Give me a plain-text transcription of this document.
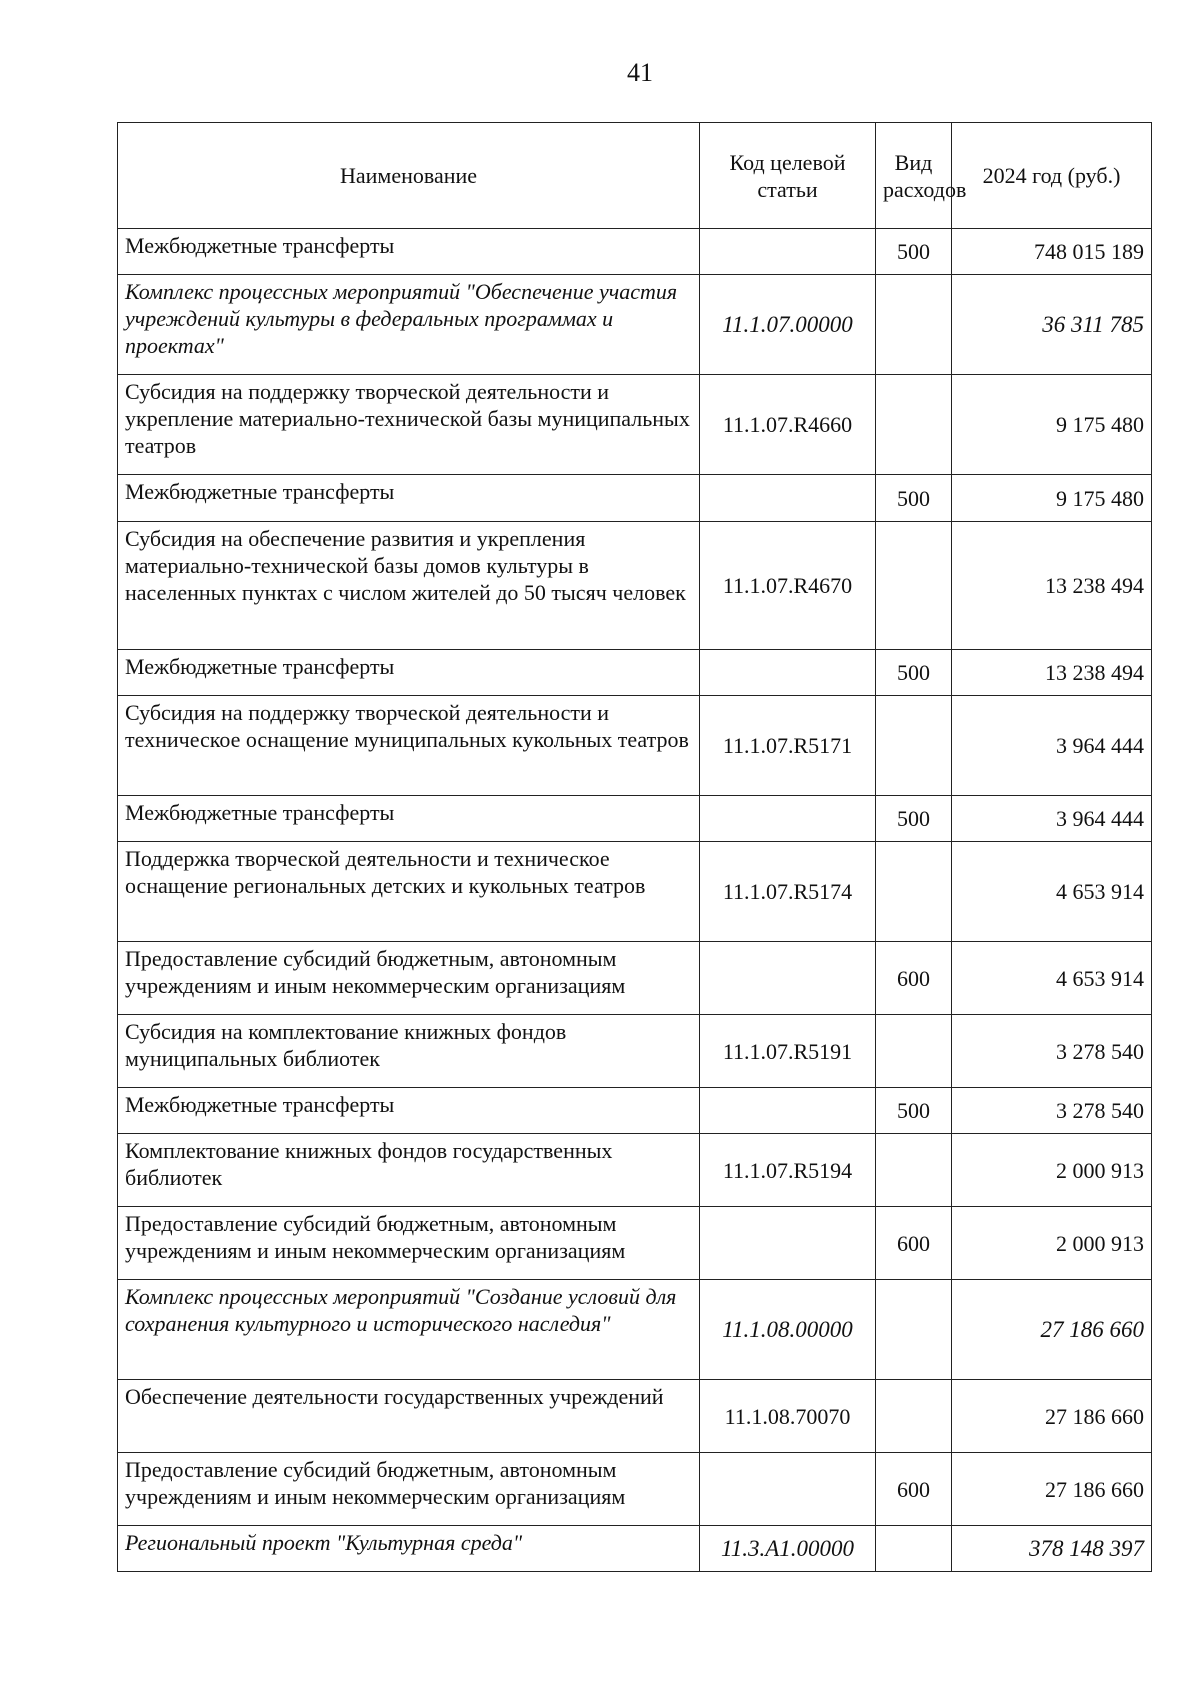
41
Наименование	Код целевой статьи	Вид расходов	2024 год (руб.)
Межбюджетные трансферты		500	748 015 189
Комплекс процессных мероприятий "Обеспечение участия учреждений культуры в федеральных программах и проектах"	11.1.07.00000		36 311 785
Субсидия на поддержку творческой деятельности и укрепление материально-технической базы муниципальных театров	11.1.07.R4660		9 175 480
Межбюджетные трансферты		500	9 175 480
Субсидия на обеспечение развития и укрепления материально-технической базы домов культуры в населенных пунктах с числом жителей до 50 тысяч человек	11.1.07.R4670		13 238 494
Межбюджетные трансферты		500	13 238 494
Субсидия на поддержку творческой деятельности и техническое оснащение муниципальных кукольных театров	11.1.07.R5171		3 964 444
Межбюджетные трансферты		500	3 964 444
Поддержка творческой деятельности и техническое оснащение региональных детских и кукольных театров	11.1.07.R5174		4 653 914
Предоставление субсидий бюджетным, автономным учреждениям и иным некоммерческим организациям		600	4 653 914
Субсидия на комплектование книжных фондов муниципальных библиотек	11.1.07.R5191		3 278 540
Межбюджетные трансферты		500	3 278 540
Комплектование книжных фондов государственных библиотек	11.1.07.R5194		2 000 913
Предоставление субсидий бюджетным, автономным учреждениям и иным некоммерческим организациям		600	2 000 913
Комплекс процессных мероприятий "Создание условий для сохранения культурного и исторического наследия"	11.1.08.00000		27 186 660
Обеспечение деятельности государственных учреждений	11.1.08.70070		27 186 660
Предоставление субсидий бюджетным, автономным учреждениям и иным некоммерческим организациям		600	27 186 660
Региональный проект "Культурная среда"	11.3.A1.00000		378 148 397
